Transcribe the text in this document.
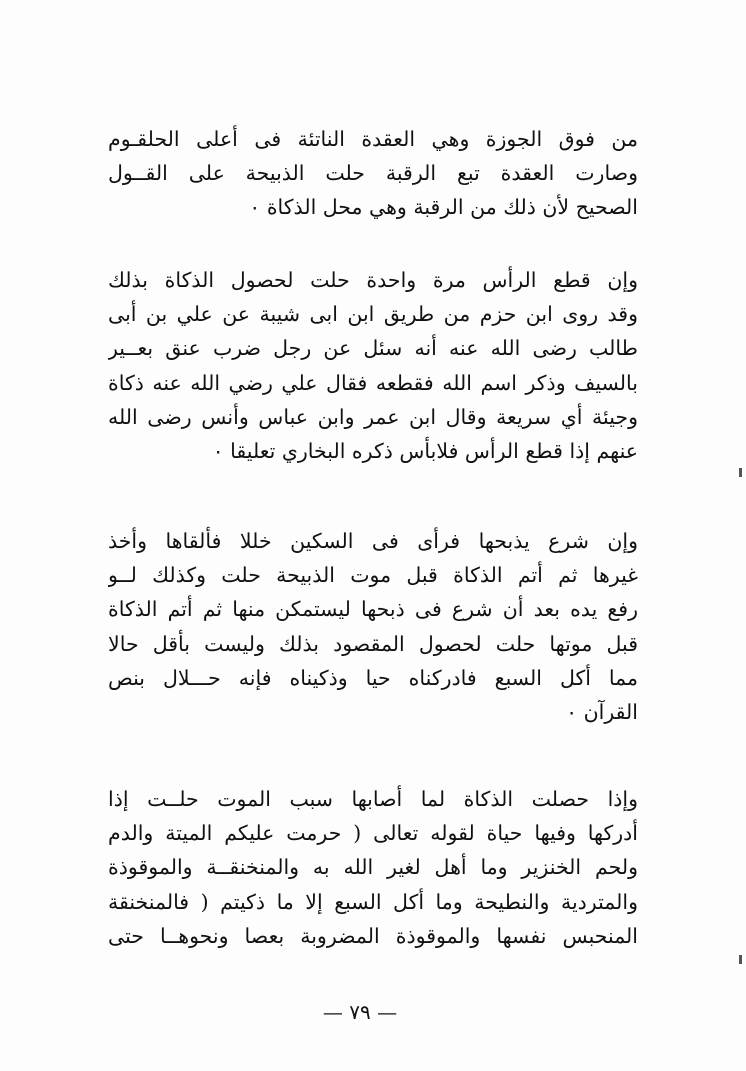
من فوق الجوزة وهي العقدة الناتئة فى أعلى الحلقـوم
وصارت العقدة تبع الرقبة حلت الذبيحة على القــول
الصحيح لأن ذلك من الرقبة وهي محل الذكاة ٠
وإن قطع الرأس مرة واحدة حلت لحصول الذكاة بذلك
وقد روى ابن حزم من طريق ابن ابى شيبة عن علي بن أبى
طالب رضى الله عنه أنه سئل عن رجل ضرب عنق بعــير
بالسيف وذكر اسم الله فقطعه فقال علي رضي الله عنه ذكاة
وجيئة أي سريعة وقال ابن عمر وابن عباس وأنس رضى الله
عنهم إذا قطع الرأس فلابأس ذكره البخاري تعليقا ٠
وإن شرع يذبحها فرأى فى السكين خللا فألقاها وأخذ
غيرها ثم أتم الذكاة قبل موت الذبيحة حلت وكذلك لــو
رفع يده بعد أن شرع فى ذبحها ليستمكن منها ثم أتم الذكاة
قبل موتها حلت لحصول المقصود بذلك وليست بأقل حالا
مما أكل السبع فادركناه حيا وذكيناه فإنه حـــلال بنص
القرآن ٠
وإذا حصلت الذكاة لما أصابها سبب الموت حلــت إذا
أدركها وفيها حياة لقوله تعالى ( حرمت عليكم الميتة والدم
ولحم الخنزير وما أهل لغير الله به والمنخنقــة والموقوذة
والمتردية والنطيحة وما أكل السبع إلا ما ذكيتم ( فالمنخنقة
المنحبس نفسها والموقوذة المضروبة بعصا ونحوهــا حتى
— ٧٩ —
